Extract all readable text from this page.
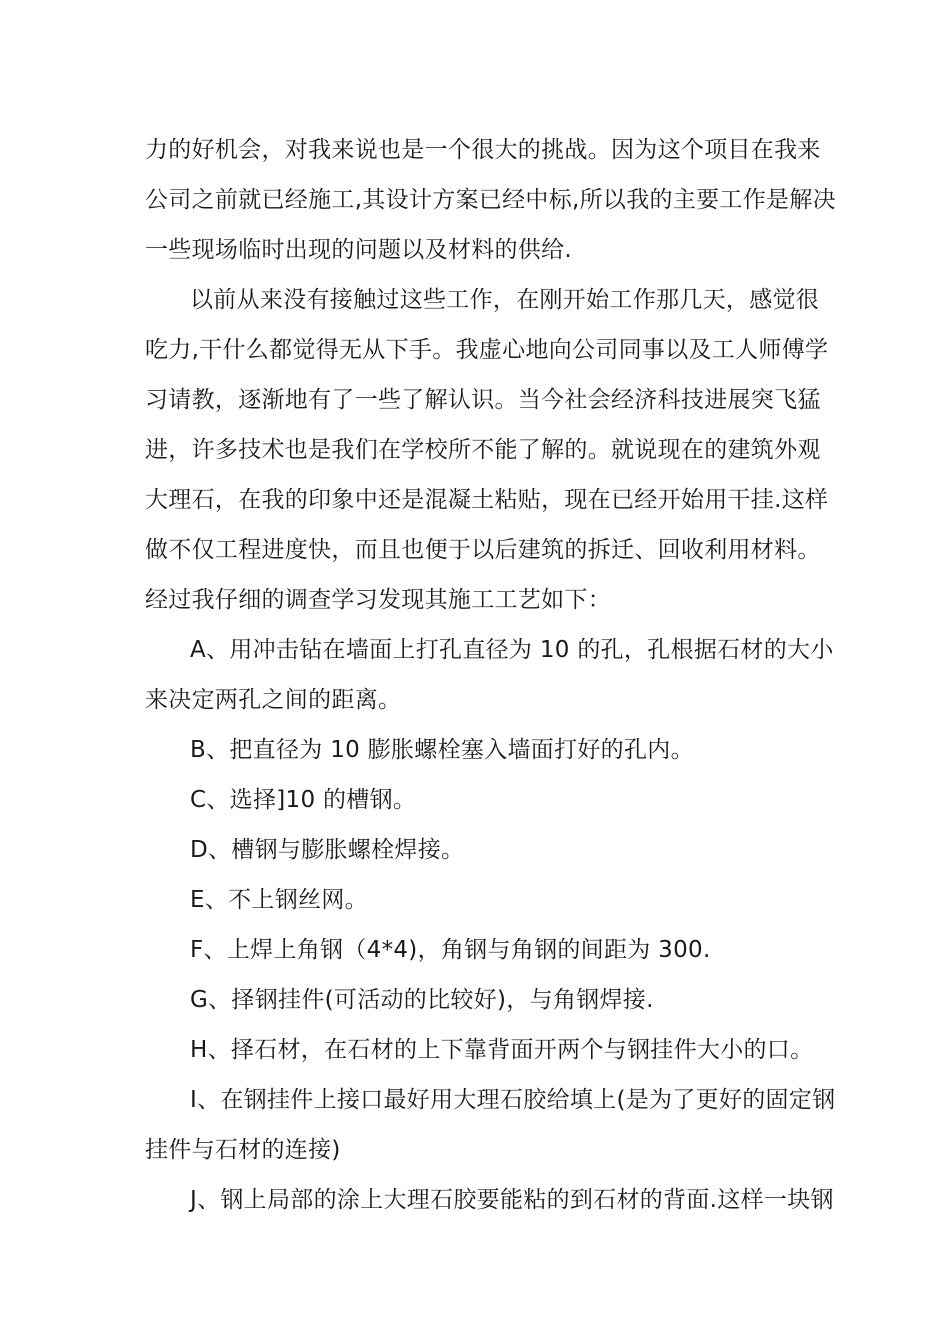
力的好机会，对我来说也是一个很大的挑战。因为这个项目在我来
公司之前就已经施工,其设计方案已经中标,所以我的主要工作是解决
一些现场临时出现的问题以及材料的供给.
以前从来没有接触过这些工作，在刚开始工作那几天，感觉很
吃力,干什么都觉得无从下手。我虚心地向公司同事以及工人师傅学
习请教，逐渐地有了一些了解认识。当今社会经济科技进展突飞猛
进，许多技术也是我们在学校所不能了解的。就说现在的建筑外观
大理石，在我的印象中还是混凝土粘贴，现在已经开始用干挂.这样
做不仅工程进度快，而且也便于以后建筑的拆迁、回收利用材料。
经过我仔细的调查学习发现其施工工艺如下：
A、用冲击钻在墙面上打孔直径为 10 的孔，孔根据石材的大小
来决定两孔之间的距离。
B、把直径为 10 膨胀螺栓塞入墙面打好的孔内。
C、选择]10 的槽钢。
D、槽钢与膨胀螺栓焊接。
E、不上钢丝网。
F、上焊上角钢（4*4)，角钢与角钢的间距为 300.
G、择钢挂件(可活动的比较好)，与角钢焊接.
H、择石材，在石材的上下靠背面开两个与钢挂件大小的口。
I、在钢挂件上接口最好用大理石胶给填上(是为了更好的固定钢
挂件与石材的连接)
J、钢上局部的涂上大理石胶要能粘的到石材的背面.这样一块钢
